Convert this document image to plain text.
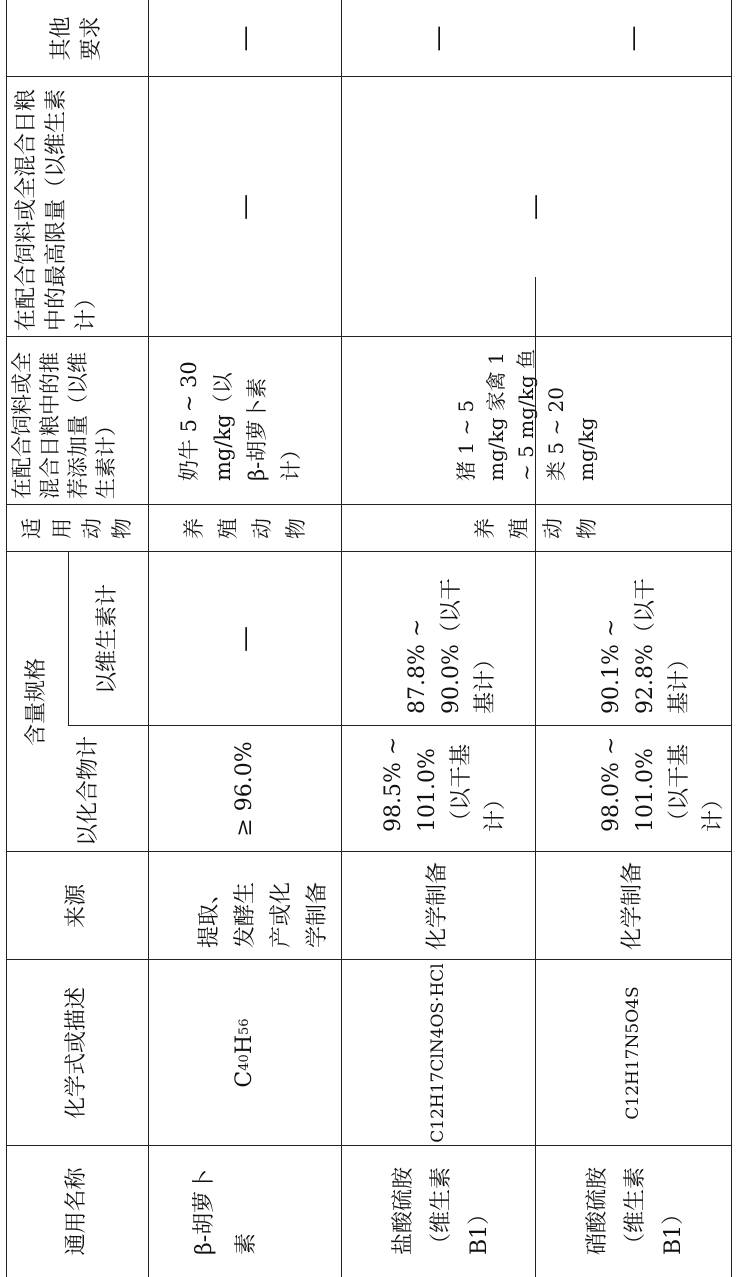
通用名称
化学式或描述
来源
含量规格
以化合物计
以维生素计
适用动物
在配合饲料或全混合日粮中的推荐添加量（以维生素计）
在配合饲料或全混合日粮中的最高限量（以维生素计）
其他要求
β-胡萝卜素
C
40
H
56
提取、发酵生产或化学制备
≥ 96.0%
—
养殖动物
奶牛 5 ~ 30 mg/kg（以 β-胡萝卜素计）
—
—
盐酸硫胺（维生素B1）
C12H17ClN4OS·HCl
化学制备
98.5% ~ 101.0%（以干基计）
87.8% ~ 90.0%（以干基计）
—
—
养殖动物
猪 1 ~ 5 mg/kg 家禽 1 ~ 5 mg/kg 鱼类 5 ~ 20 mg/kg
硝酸硫胺（维生素B1）
C12H17N5O4S
化学制备
98.0% ~ 101.0%（以干基计）
90.1% ~ 92.8%（以干基计）
—
